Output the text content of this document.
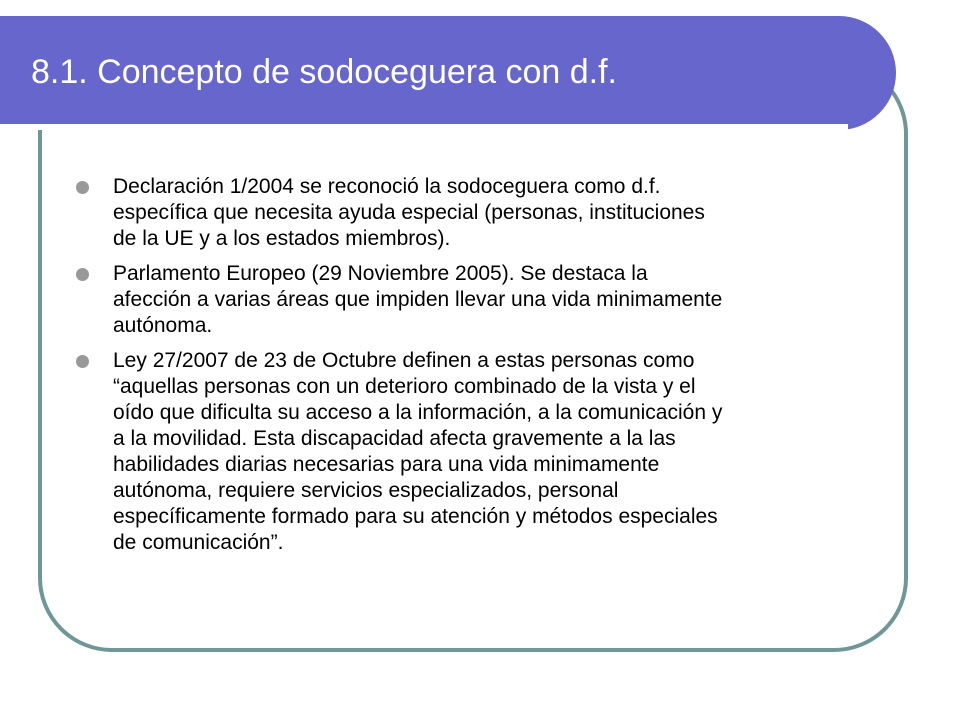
8.1. Concepto de sodoceguera con d.f.
Declaración 1/2004 se reconoció la sodoceguera como d.f.
específica que necesita ayuda especial (personas, instituciones
de la UE y a los estados miembros).
Parlamento Europeo (29 Noviembre 2005). Se destaca la
afección a varias áreas que impiden llevar una vida minimamente
autónoma.
Ley 27/2007 de 23 de Octubre definen a estas personas como
“aquellas personas con un deterioro combinado de la vista y el
oído que dificulta su acceso a la información, a la comunicación y
a la movilidad. Esta discapacidad afecta gravemente a la las
habilidades diarias necesarias para una vida minimamente
autónoma, requiere servicios especializados, personal
específicamente formado para su atención y métodos especiales
de comunicación”.
